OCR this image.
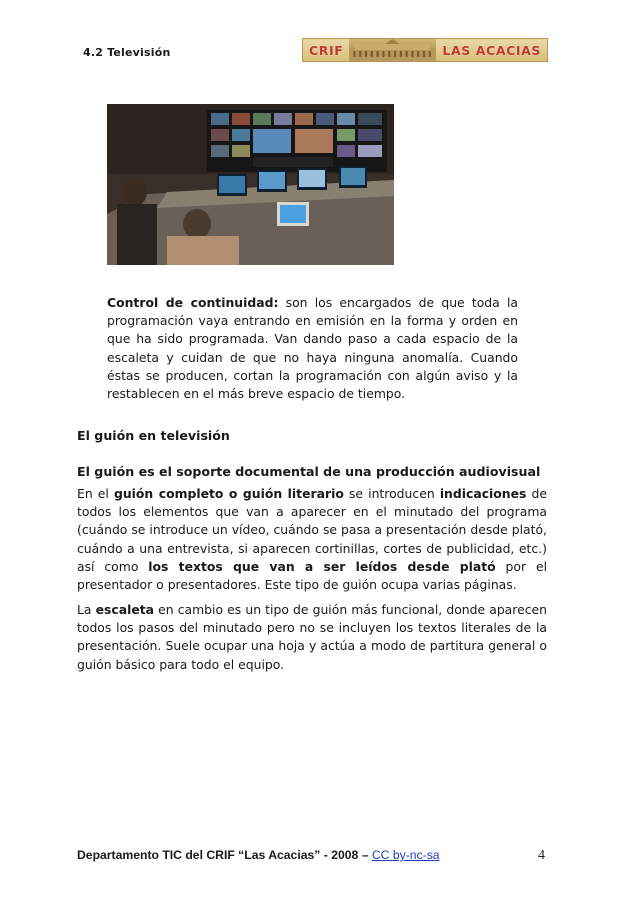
4.2 Televisión	CRIF	LAS ACACIAS

Control de continuidad: son los encargados de que toda la programación vaya entrando en emisión en la forma y orden en que ha sido programada. Van dando paso a cada espacio de la escaleta y cuidan de que no haya ninguna anomalía. Cuando éstas se producen, cortan la programación con algún aviso y la restablecen en el más breve espacio de tiempo.

El guión en televisión

El guión es el soporte documental de una producción audiovisual

En el guión completo o guión literario se introducen indicaciones de todos los elementos que van a aparecer en el minutado del programa (cuándo se introduce un vídeo, cuándo se pasa a presentación desde plató, cuándo a una entrevista, si aparecen cortinillas, cortes de publicidad, etc.) así como los textos que van a ser leídos desde plató por el presentador o presentadores. Este tipo de guión ocupa varias páginas.

La escaleta en cambio es un tipo de guión más funcional, donde aparecen todos los pasos del minutado pero no se incluyen los textos literales de la presentación. Suele ocupar una hoja y actúa a modo de partitura general o guión básico para todo el equipo.

Departamento TIC del CRIF “Las Acacias” - 2008 – CC by-nc-sa	4
